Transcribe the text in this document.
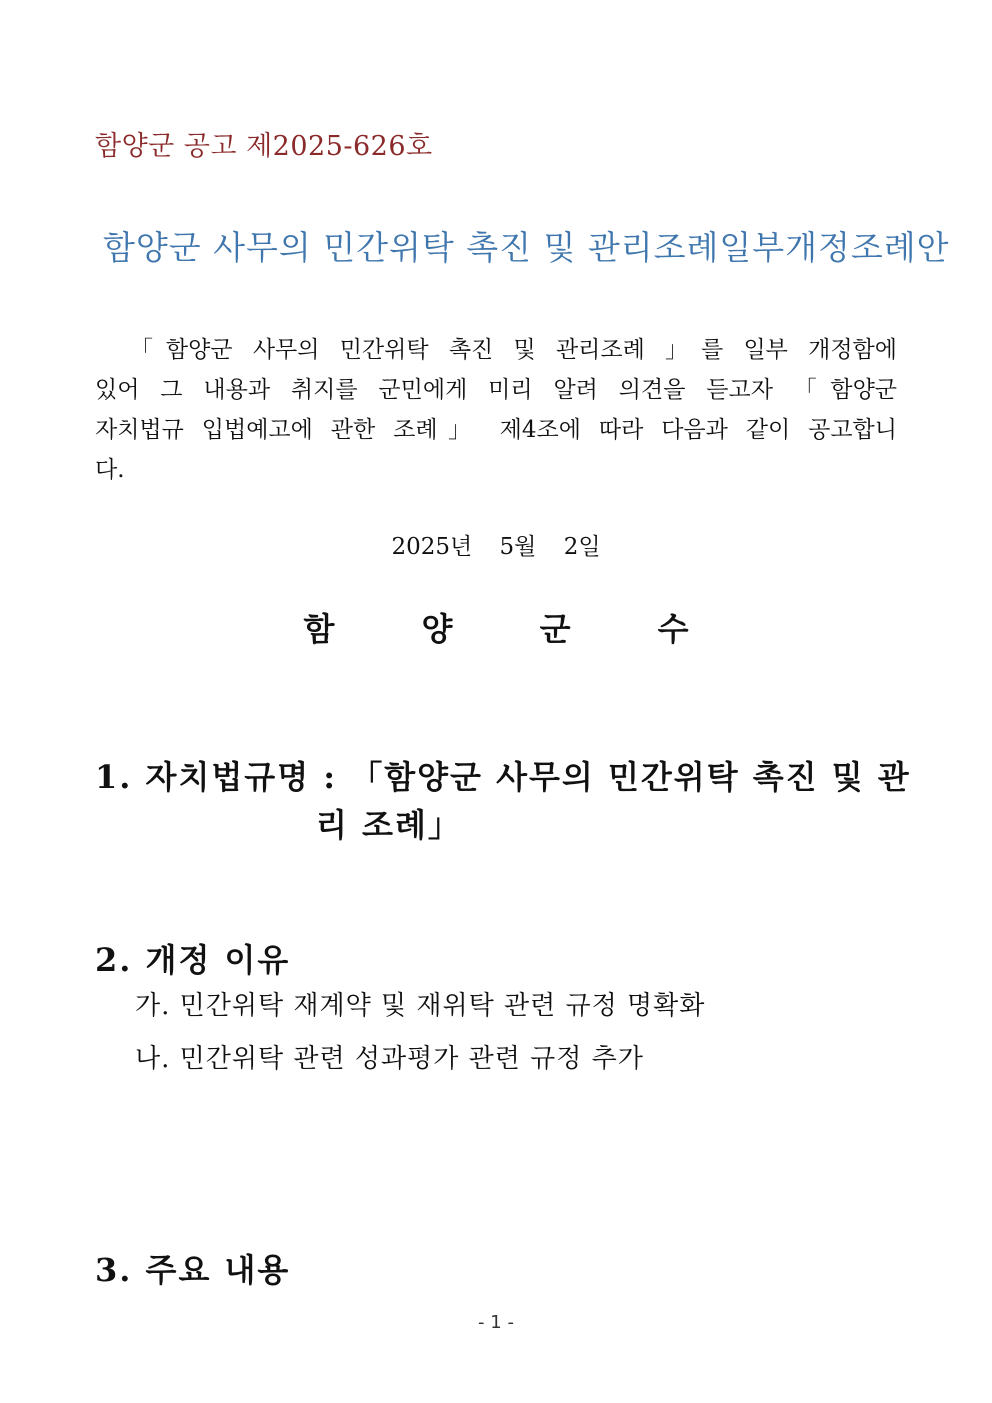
함양군 공고 제2025-626호
함양군 사무의 민간위탁 촉진 및 관리조례일부개정조례안
「함양군 사무의 민간위탁 촉진 및 관리조례 」를 일부 개정함에
있어 그 내용과 취지를 군민에게 미리 알려 의견을 듣고자 「함양군
자치법규 입법예고에 관한 조례」 제4조에 따라 다음과 같이 공고합니
다.
2025년 5월 2일
함	양	군	수
1. 자치법규명 : 「함양군 사무의 민간위탁 촉진 및 관
리 조례」
2. 개정 이유
가. 민간위탁 재계약 및 재위탁 관련 규정 명확화
나. 민간위탁 관련 성과평가 관련 규정 추가
3. 주요 내용
- 1 -
